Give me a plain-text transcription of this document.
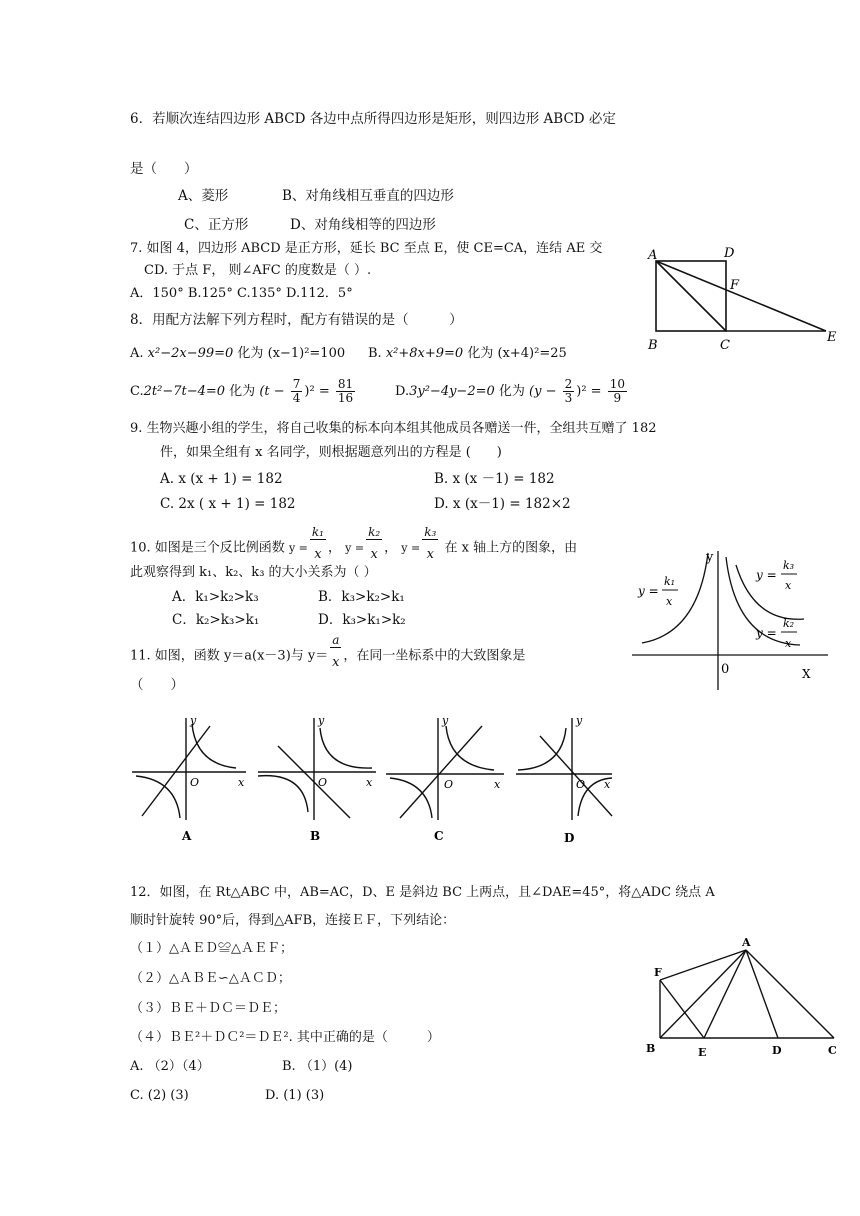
6．若顺次连结四边形 ABCD 各边中点所得四边形是矩形，则四边形 ABCD 必定
是（　　）
A、菱形	B、对角线相互垂直的四边形
C、正方形	D、对角线相等的四边形
7. 如图 4，四边形 ABCD 是正方形，延长 BC 至点 E，使 CE=CA，连结 AE 交
CD. 于点 F， 则∠AFC 的度数是（ ）.
A．150° B.125° C.135° D.112．5°
A	D
F
B	C
E
8．用配方法解下列方程时，配方有错误的是（　　　）
A. x²−2x−99=0 化为 (x−1)²=100 B. x²+8x+9=0 化为 (x+4)²=25
C.2t²−7t−4=0 化为 $(t - \frac{7}{4} )^2 = \frac{81}{16}$	D.3y²−4y−2=0 化为 $(y - \frac{2}{3} )^2 = \frac{10}{9}$
9. 生物兴趣小组的学生，将自己收集的标本向本组其他成员各赠送一件，全组共互赠了 182
件，如果全组有 x 名同学，则根据题意列出的方程是 (　　)
A. x (x + 1) = 182	B. x (x －1) = 182
C. 2x ( x + 1) = 182	D. x (x－1) = 182×2
10. 如图是三个反比例函数 $y = \frac{\text{k₁}}{x}$ ， $y = \frac{\text{k₂}}{x}$ ， $y = \frac{\text{k₃}}{x}$ 在 x 轴上方的图象，由
此观察得到 k₁、k₂、k₃ 的大小关系为（ ）
A．k₁>k₂>k₃	B．k₃>k₂>k₁
C．k₂>k₃>k₁	D．k₃>k₁>k₂
y
0	X
y =
k₁
x
y =
k₃
x
y =
k₂
x
11. 如图，函数 y＝a(x－3)与 $y= \frac{a}{x}$ ，在同一坐标系中的大致图象是
（　　）
y
x
O
A
y
x
O
B
y
x
O
C
y
x
O
D
12．如图，在 Rt△ABC 中，AB=AC，D、E 是斜边 BC 上两点，且∠DAE=45°，将△ADC 绕点 A
顺时针旋转 90°后，得到△AFB，连接ＥＦ，下列结论：
（１）△ＡＥＤ≌△ＡＥＦ；
（２）△ＡＢＥ∽△ＡＣＤ；
（３）ＢＥ＋ＤＣ＝ＤＥ；
（４）ＢＥ²＋ＤＣ²＝ＤＥ². 其中正确的是（　　　）
A. （2）（4）	B. （1）(4)
C. (2) (3)	D. (1) (3)
A
F
B	E	D	C
